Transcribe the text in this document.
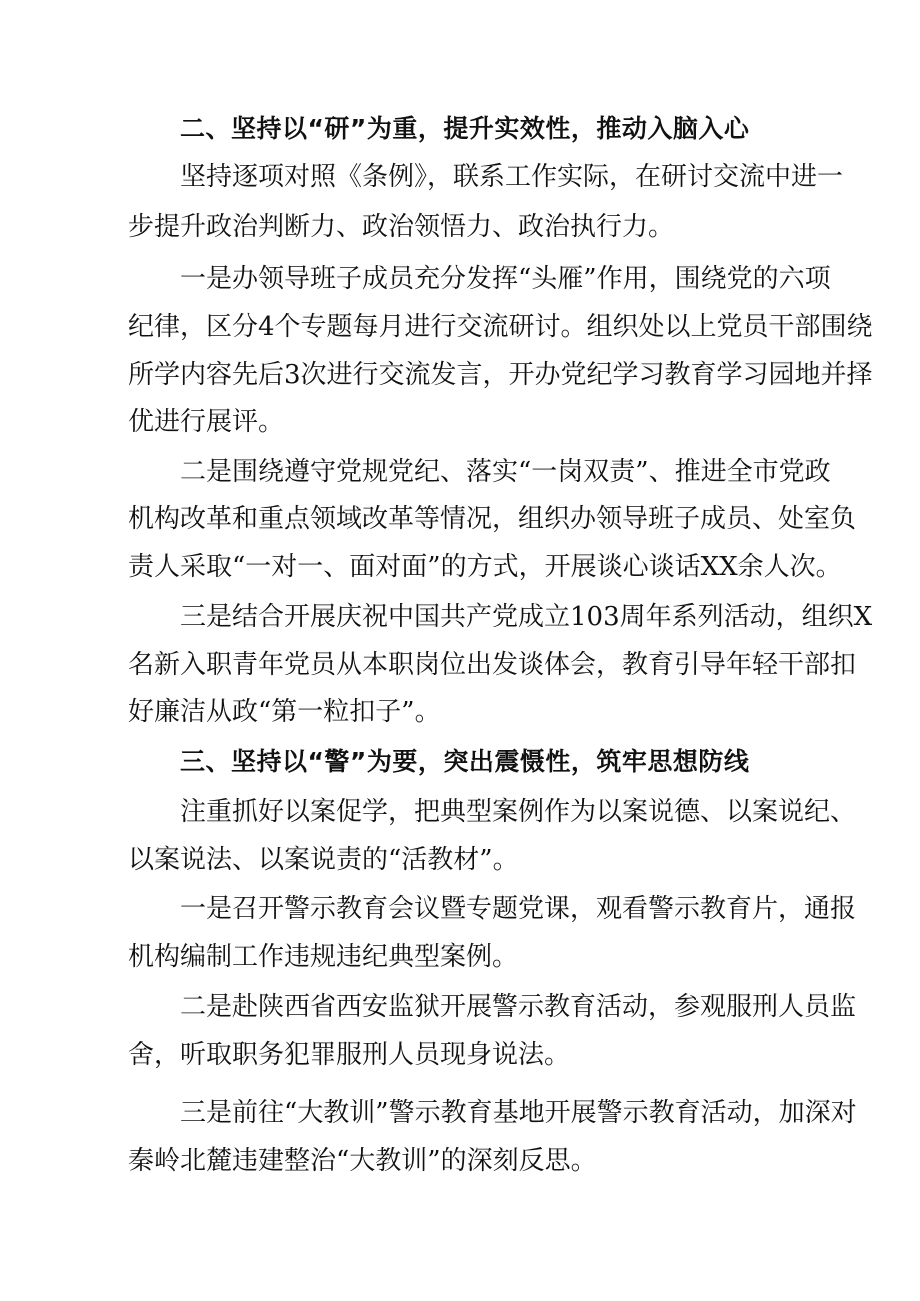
二、坚持以“研”为重，提升实效性，推动入脑入心
坚持逐项对照《条例》，联系工作实际，在研讨交流中进一
步提升政治判断力、政治领悟力、政治执行力。
一是办领导班子成员充分发挥“头雁”作用，围绕党的六项
纪律，区分4个专题每月进行交流研讨。组织处以上党员干部围绕
所学内容先后3次进行交流发言，开办党纪学习教育学习园地并择
优进行展评。
二是围绕遵守党规党纪、落实“一岗双责”、推进全市党政
机构改革和重点领域改革等情况，组织办领导班子成员、处室负
责人采取“一对一、面对面”的方式，开展谈心谈话XX余人次。
三是结合开展庆祝中国共产党成立103周年系列活动，组织X
名新入职青年党员从本职岗位出发谈体会，教育引导年轻干部扣
好廉洁从政“第一粒扣子”。
三、坚持以“警”为要，突出震慑性，筑牢思想防线
注重抓好以案促学，把典型案例作为以案说德、以案说纪、
以案说法、以案说责的“活教材”。
一是召开警示教育会议暨专题党课，观看警示教育片，通报
机构编制工作违规违纪典型案例。
二是赴陕西省西安监狱开展警示教育活动，参观服刑人员监
舍，听取职务犯罪服刑人员现身说法。
三是前往“大教训”警示教育基地开展警示教育活动，加深对
秦岭北麓违建整治“大教训”的深刻反思。
